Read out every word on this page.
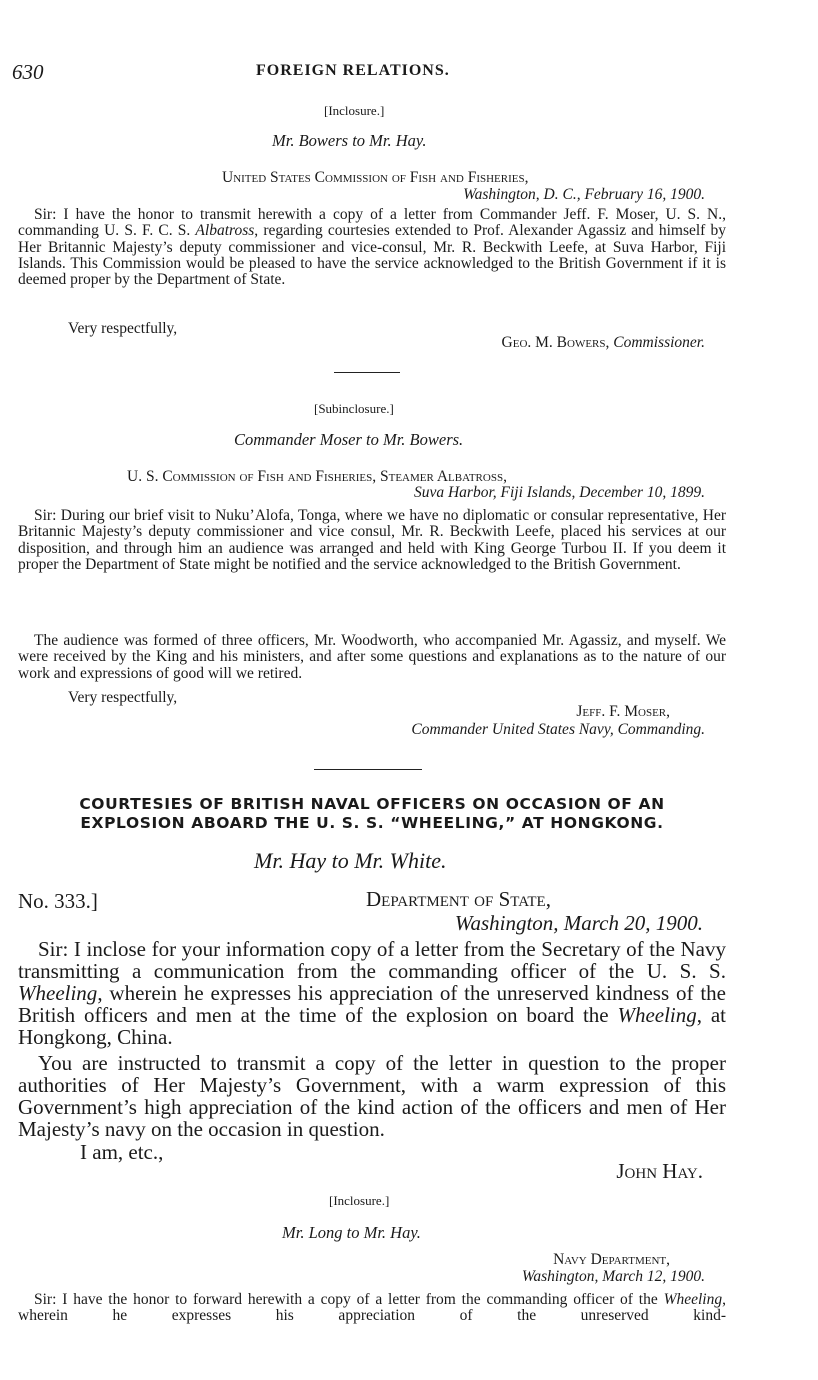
630	FOREIGN RELATIONS.
[Inclosure.]
Mr. Bowers to Mr. Hay.
United States Commission of Fish and Fisheries,
Washington, D. C., February 16, 1900.
Sir: I have the honor to transmit herewith a copy of a letter from Commander Jeff. F. Moser, U. S. N., commanding U. S. F. C. S. Albatross, regarding courtesies extended to Prof. Alexander Agassiz and himself by Her Britannic Majesty’s deputy commissioner and vice-consul, Mr. R. Beckwith Leefe, at Suva Harbor, Fiji Islands. This Commission would be pleased to have the service acknowledged to the British Government if it is deemed proper by the Department of State.
Very respectfully,
Geo. M. Bowers, Commissioner.
[Subinclosure.]
Commander Moser to Mr. Bowers.
U. S. Commission of Fish and Fisheries, Steamer Albatross,
Suva Harbor, Fiji Islands, December 10, 1899.
Sir: During our brief visit to Nuku’Alofa, Tonga, where we have no diplomatic or consular representative, Her Britannic Majesty’s deputy commissioner and vice consul, Mr. R. Beckwith Leefe, placed his services at our disposition, and through him an audience was arranged and held with King George Turbou II. If you deem it proper the Department of State might be notified and the service acknowledged to the British Government.
The audience was formed of three officers, Mr. Woodworth, who accompanied Mr. Agassiz, and myself. We were received by the King and his ministers, and after some questions and explanations as to the nature of our work and expressions of good will we retired.
Very respectfully,
Jeff. F. Moser,
Commander United States Navy, Commanding.
COURTESIES OF BRITISH NAVAL OFFICERS ON OCCASION OF AN
EXPLOSION ABOARD THE U. S. S. “WHEELING,” AT HONGKONG.
Mr. Hay to Mr. White.
No. 333.]	Department of State,
Washington, March 20, 1900.
Sir: I inclose for your information copy of a letter from the Secretary of the Navy transmitting a communication from the commanding officer of the U. S. S. Wheeling, wherein he expresses his appreciation of the unreserved kindness of the British officers and men at the time of the explosion on board the Wheeling, at Hongkong, China.
You are instructed to transmit a copy of the letter in question to the proper authorities of Her Majesty’s Government, with a warm expression of this Government’s high appreciation of the kind action of the officers and men of Her Majesty’s navy on the occasion in question.
I am, etc.,
John Hay.
[Inclosure.]
Mr. Long to Mr. Hay.
Navy Department,
Washington, March 12, 1900.
Sir: I have the honor to forward herewith a copy of a letter from the commanding officer of the Wheeling, wherein he expresses his appreciation of the unreserved kind-
